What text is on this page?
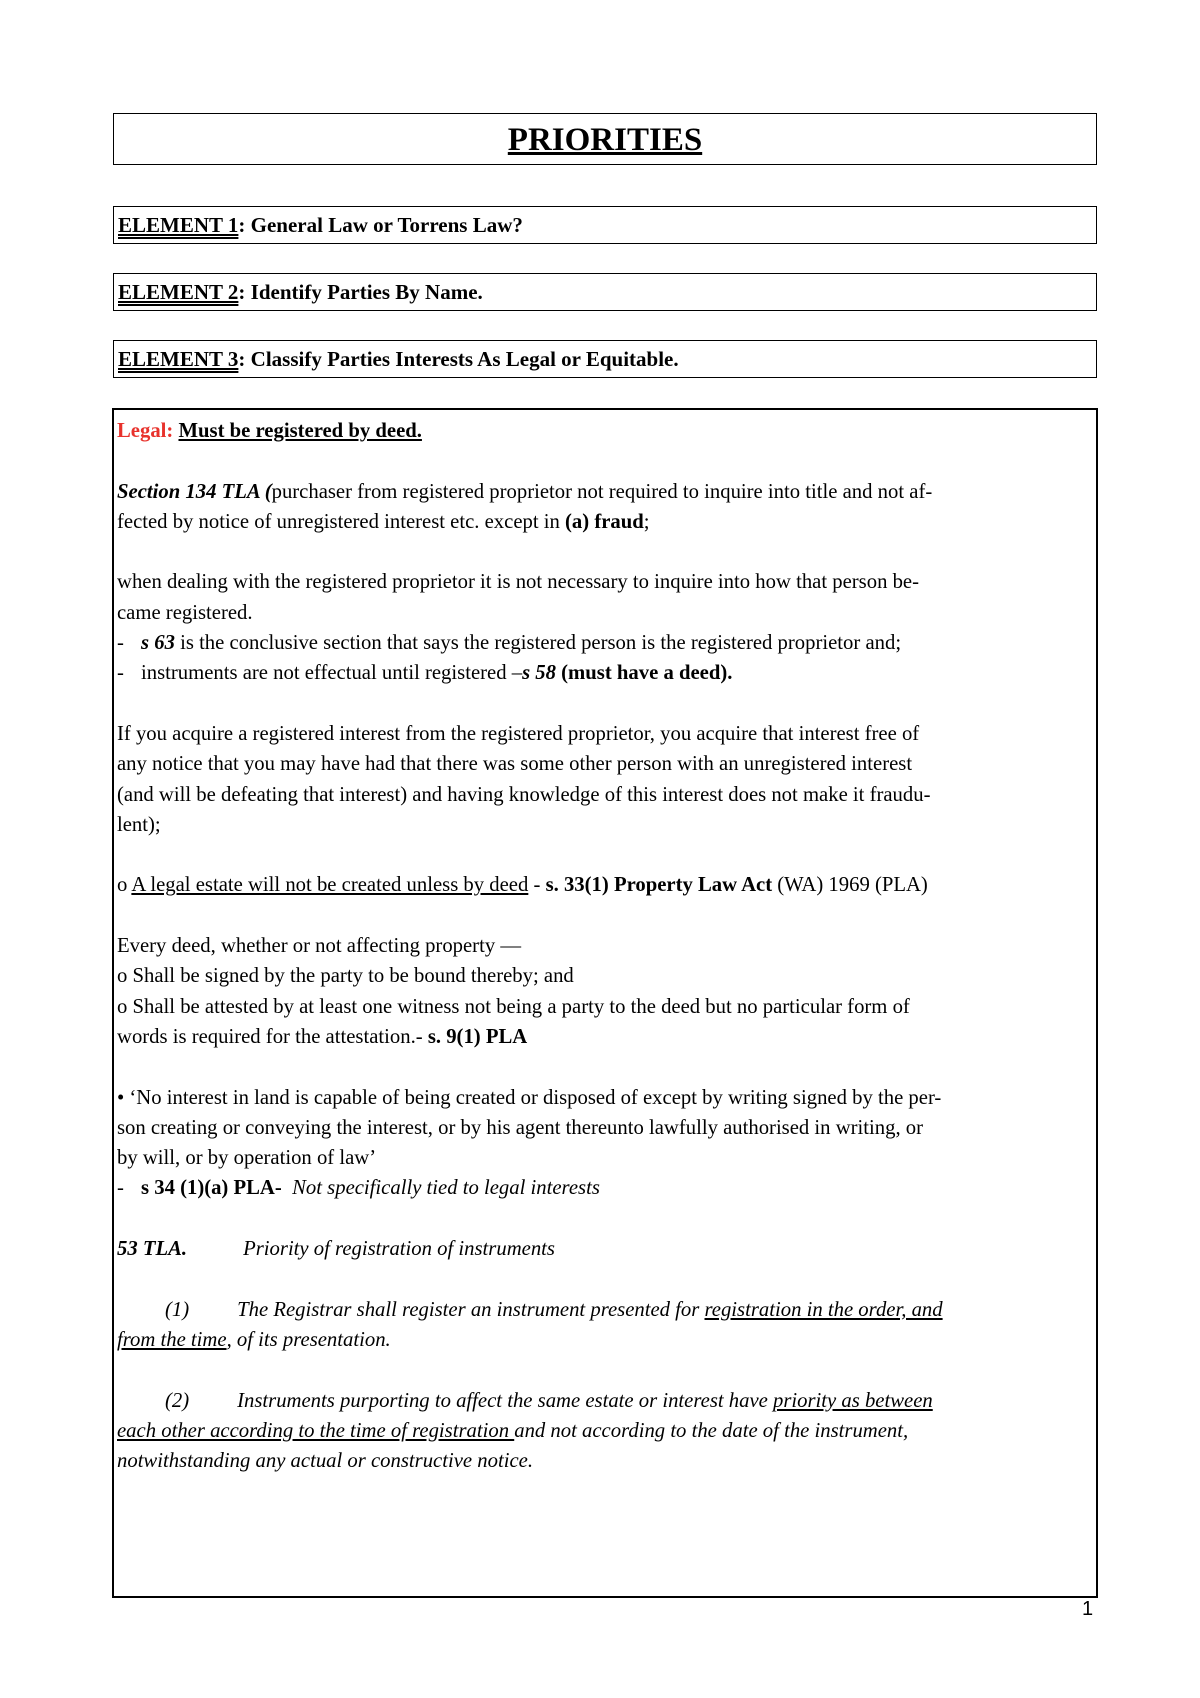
PRIORITIES
ELEMENT 1: General Law or Torrens Law?
ELEMENT 2: Identify Parties By Name.
ELEMENT 3: Classify Parties Interests As Legal or Equitable.

Legal: Must be registered by deed.

Section 134 TLA (purchaser from registered proprietor not required to inquire into title and not af-
fected by notice of unregistered interest etc. except in (a) fraud;

when dealing with the registered proprietor it is not necessary to inquire into how that person be-
came registered.
- s 63 is the conclusive section that says the registered person is the registered proprietor and;
- instruments are not effectual until registered –s 58 (must have a deed).

If you acquire a registered interest from the registered proprietor, you acquire that interest free of
any notice that you may have had that there was some other person with an unregistered interest
(and will be defeating that interest) and having knowledge of this interest does not make it fraudu-
lent);

o A legal estate will not be created unless by deed - s. 33(1) Property Law Act (WA) 1969 (PLA)

Every deed, whether or not affecting property —
o Shall be signed by the party to be bound thereby; and
o Shall be attested by at least one witness not being a party to the deed but no particular form of
words is required for the attestation.- s. 9(1) PLA

• ‘No interest in land is capable of being created or disposed of except by writing signed by the per-
son creating or conveying the interest, or by his agent thereunto lawfully authorised in writing, or
by will, or by operation of law’
- s 34 (1)(a) PLA- Not specifically tied to legal interests

53 TLA.	Priority of registration of instruments

(1) The Registrar shall register an instrument presented for registration in the order, and
from the time, of its presentation.

(2) Instruments purporting to affect the same estate or interest have priority as between
each other according to the time of registration and not according to the date of the instrument,
notwithstanding any actual or constructive notice.

1
